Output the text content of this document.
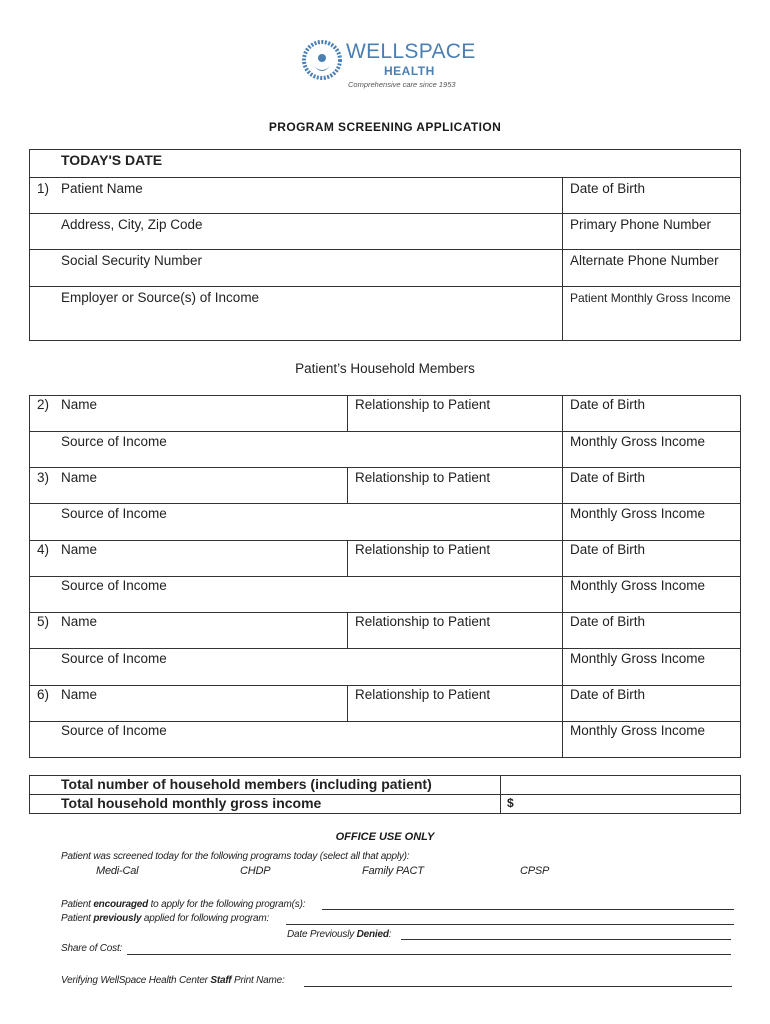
WELLSPACE
HEALTH
Comprehensive care since 1953
PROGRAM SCREENING APPLICATION
TODAY'S DATE
1) Patient Name	Date of Birth
Address, City, Zip Code	Primary Phone Number
Social Security Number	Alternate Phone Number
Employer or Source(s) of Income	Patient Monthly Gross Income
Patient’s Household Members
2) Name	Relationship to Patient	Date of Birth
Source of Income	Monthly Gross Income
3) Name	Relationship to Patient	Date of Birth
Source of Income	Monthly Gross Income
4) Name	Relationship to Patient	Date of Birth
Source of Income	Monthly Gross Income
5) Name	Relationship to Patient	Date of Birth
Source of Income	Monthly Gross Income
6) Name	Relationship to Patient	Date of Birth
Source of Income	Monthly Gross Income
Total number of household members (including patient)
Total household monthly gross income	$
OFFICE USE ONLY
Patient was screened today for the following programs today (select all that apply):
Medi-Cal	CHDP	Family PACT	CPSP
Patient encouraged to apply for the following program(s):
Patient previously applied for following program:
Date Previously Denied:
Share of Cost:
Verifying WellSpace Health Center Staff Print Name:
